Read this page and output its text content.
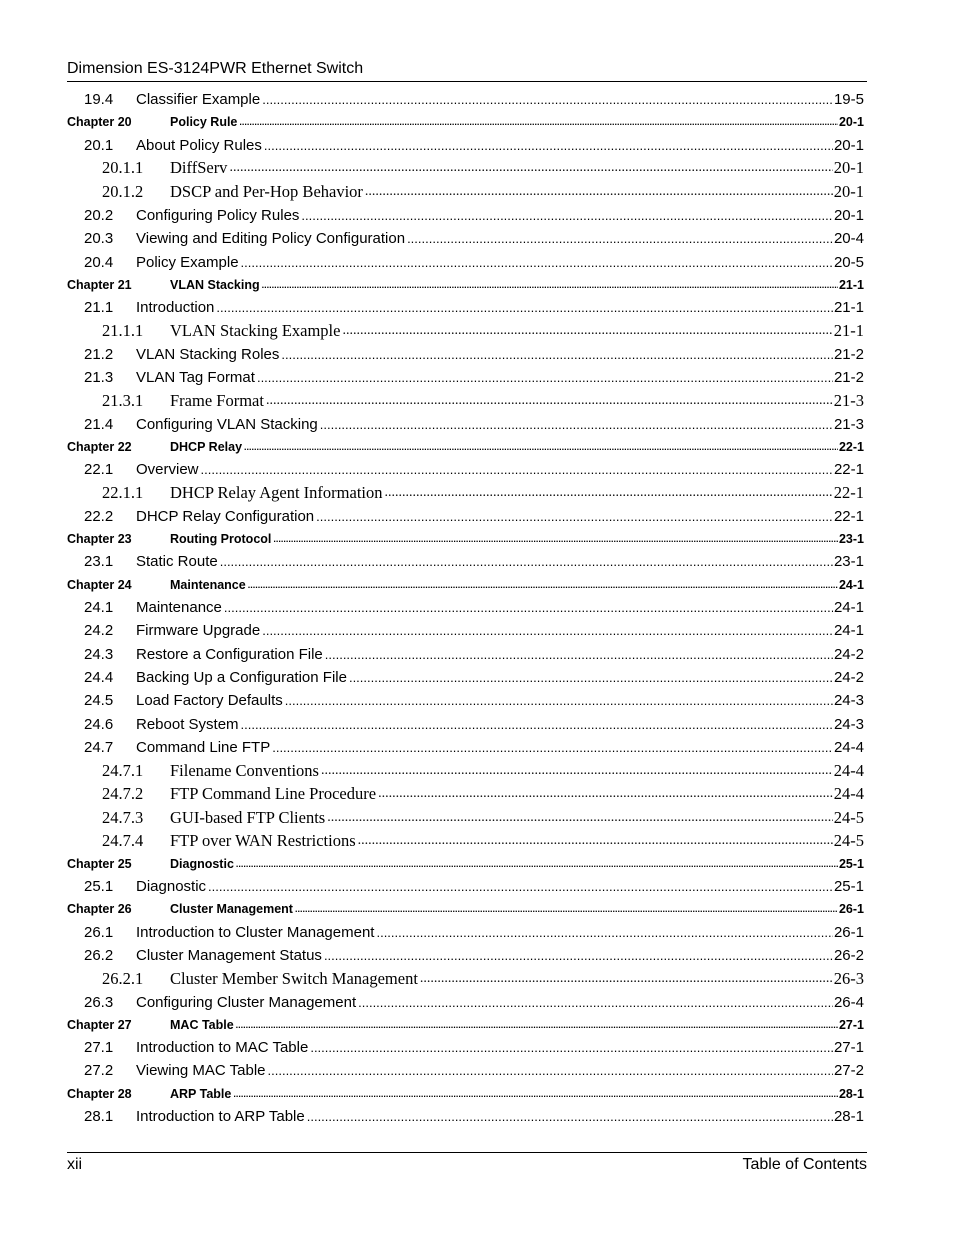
Dimension ES-3124PWR Ethernet Switch
19.4	Classifier Example .....	19-5
Chapter 20	Policy Rule .....	20-1
20.1	About Policy Rules .....	20-1
20.1.1	DiffServ .....	20-1
20.1.2	DSCP and Per-Hop Behavior .....	20-1
20.2	Configuring Policy Rules .....	20-1
20.3	Viewing and Editing Policy Configuration .....	20-4
20.4	Policy Example .....	20-5
Chapter 21	VLAN Stacking .....	21-1
21.1	Introduction .....	21-1
21.1.1	VLAN Stacking Example .....	21-1
21.2	VLAN Stacking Roles .....	21-2
21.3	VLAN Tag Format .....	21-2
21.3.1	Frame Format .....	21-3
21.4	Configuring VLAN Stacking .....	21-3
Chapter 22	DHCP Relay .....	22-1
22.1	Overview .....	22-1
22.1.1	DHCP Relay Agent Information .....	22-1
22.2	DHCP Relay Configuration .....	22-1
Chapter 23	Routing Protocol .....	23-1
23.1	Static Route .....	23-1
Chapter 24	Maintenance .....	24-1
24.1	Maintenance .....	24-1
24.2	Firmware Upgrade .....	24-1
24.3	Restore a Configuration File .....	24-2
24.4	Backing Up a Configuration File .....	24-2
24.5	Load Factory Defaults .....	24-3
24.6	Reboot System .....	24-3
24.7	Command Line FTP .....	24-4
24.7.1	Filename Conventions .....	24-4
24.7.2	FTP Command Line Procedure .....	24-4
24.7.3	GUI-based FTP Clients .....	24-5
24.7.4	FTP over WAN Restrictions .....	24-5
Chapter 25	Diagnostic .....	25-1
25.1	Diagnostic .....	25-1
Chapter 26	Cluster Management .....	26-1
26.1	Introduction to Cluster Management .....	26-1
26.2	Cluster Management Status .....	26-2
26.2.1	Cluster Member Switch Management .....	26-3
26.3	Configuring Cluster Management .....	26-4
Chapter 27	MAC Table .....	27-1
27.1	Introduction to MAC Table .....	27-1
27.2	Viewing MAC Table .....	27-2
Chapter 28	ARP Table .....	28-1
28.1	Introduction to ARP Table .....	28-1
xii	Table of Contents
